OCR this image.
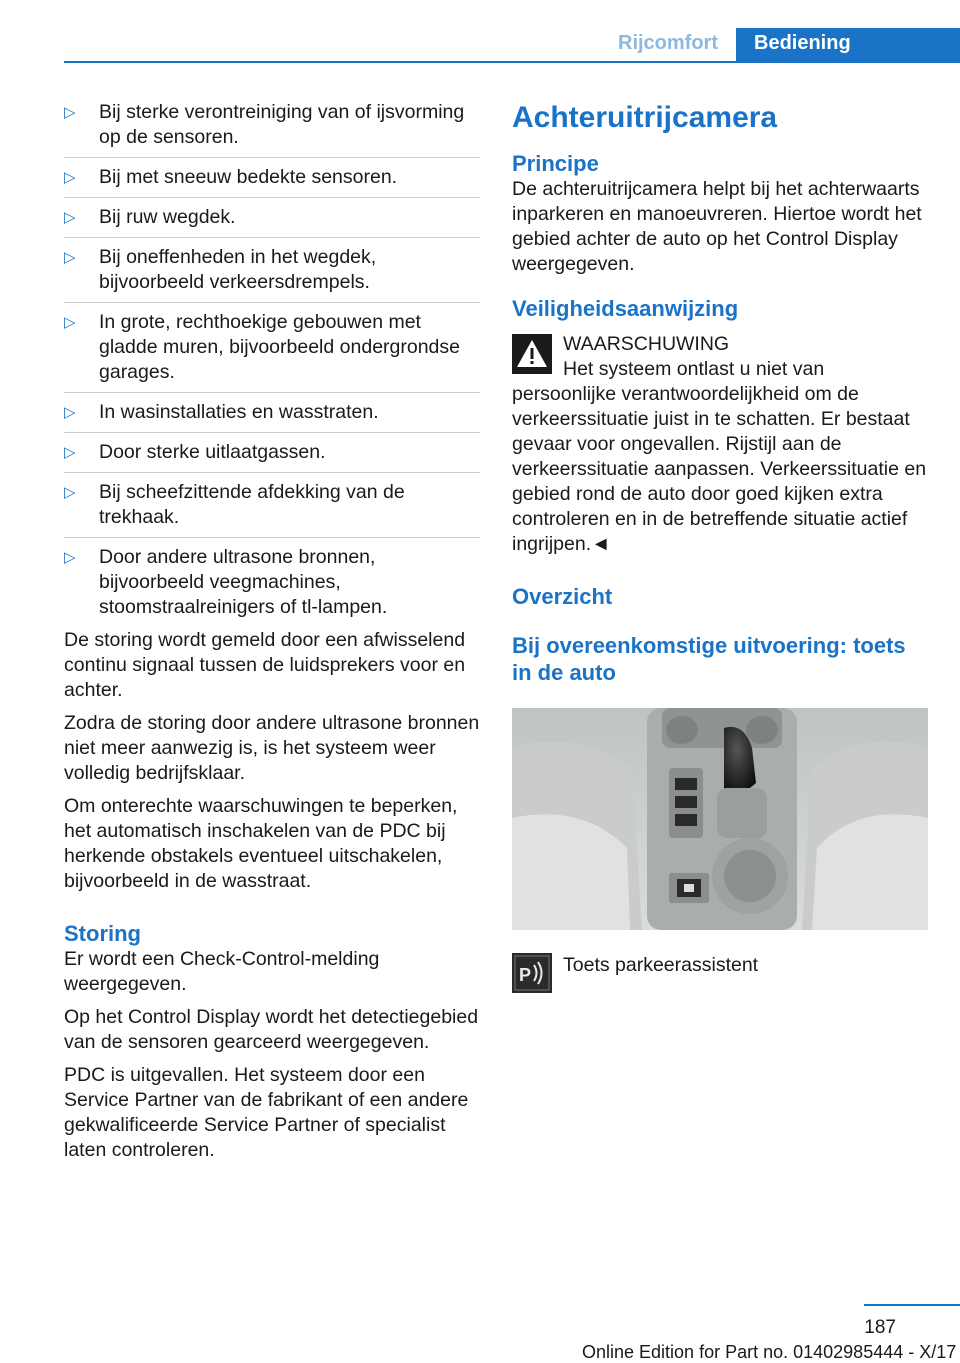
Rijcomfort	Bediening
▷ Bij sterke verontreiniging van of ijsvorming op de sensoren.
▷ Bij met sneeuw bedekte sensoren.
▷ Bij ruw wegdek.
▷ Bij oneffenheden in het wegdek, bijvoorbeeld verkeersdrempels.
▷ In grote, rechthoekige gebouwen met gladde muren, bijvoorbeeld ondergrondse garages.
▷ In wasinstallaties en wasstraten.
▷ Door sterke uitlaatgassen.
▷ Bij scheefzittende afdekking van de trekhaak.
▷ Door andere ultrasone bronnen, bijvoorbeeld veegmachines, stoomstraalreinigers of tl-lampen.

De storing wordt gemeld door een afwisselend continu signaal tussen de luidsprekers voor en achter.

Zodra de storing door andere ultrasone bronnen niet meer aanwezig is, is het systeem weer volledig bedrijfsklaar.

Om onterechte waarschuwingen te beperken, het automatisch inschakelen van de PDC bij herkende obstakels eventueel uitschakelen, bijvoorbeeld in de wasstraat.

Storing

Er wordt een Check-Control-melding weergegeven.

Op het Control Display wordt het detectiegebied van de sensoren gearceerd weergegeven.

PDC is uitgevallen. Het systeem door een Service Partner van de fabrikant of een andere gekwalificeerde Service Partner of specialist laten controleren.

Achteruitrijcamera
Principe

De achteruitrijcamera helpt bij het achterwaarts inparkeren en manoeuvreren. Hiertoe wordt het gebied achter de auto op het Control Display weergegeven.

Veiligheidsaanwijzing
WAARSCHUWING

Het systeem ontlast u niet van persoonlijke verantwoordelijkheid om de verkeerssituatie juist in te schatten. Er bestaat gevaar voor ongevallen. Rijstijl aan de verkeerssituatie aanpassen. Verkeerssituatie en gebied rond de auto door goed kijken extra controleren en in de betreffende situatie actief ingrijpen.◄

Overzicht
Bij overeenkomstige uitvoering: toets in de auto
P Toets parkeerassistent
187
Online Edition for Part no. 01402985444 - X/17
